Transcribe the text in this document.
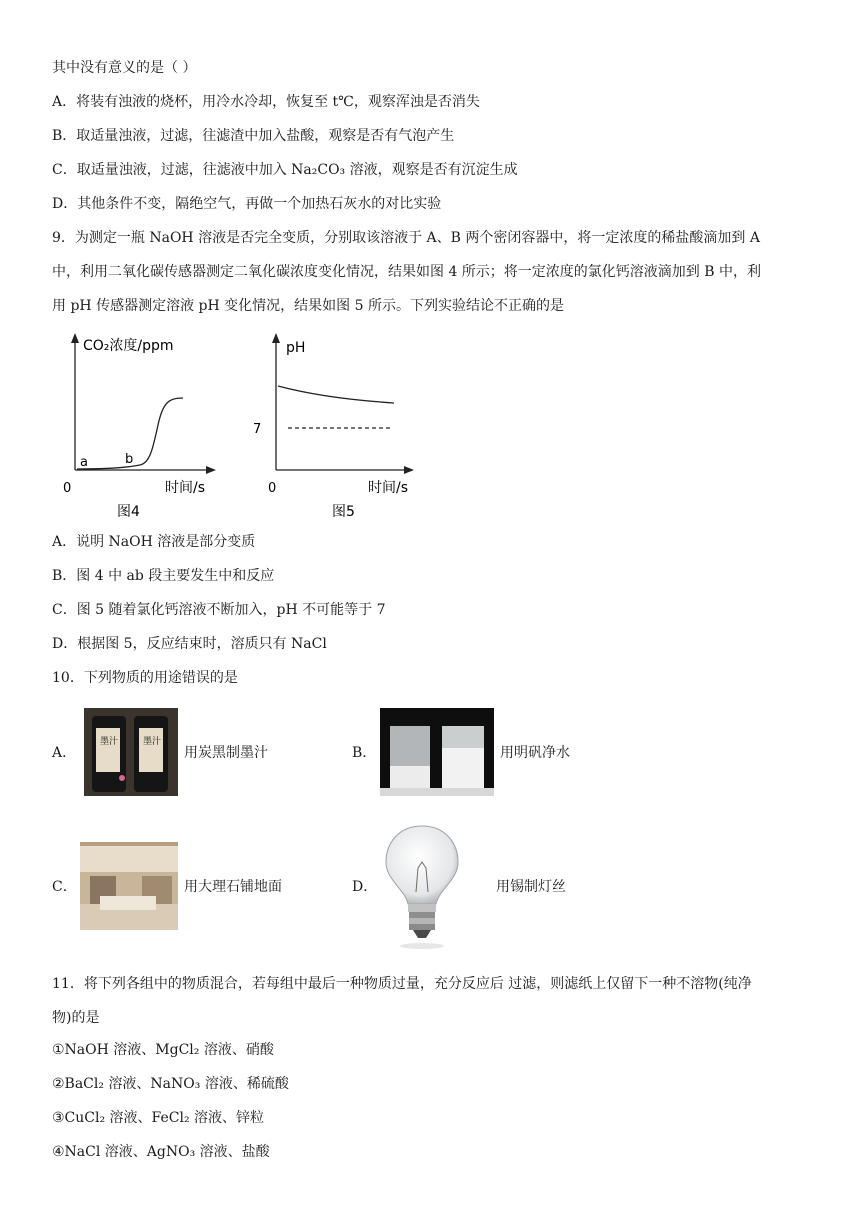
其中没有意义的是（ ）
A．将装有浊液的烧杯，用冷水冷却，恢复至 t℃，观察浑浊是否消失
B．取适量浊液，过滤，往滤渣中加入盐酸，观察是否有气泡产生
C．取适量浊液，过滤，往滤液中加入 Na₂CO₃ 溶液，观察是否有沉淀生成
D．其他条件不变，隔绝空气，再做一个加热石灰水的对比实验
9．为测定一瓶 NaOH 溶液是否完全变质，分别取该溶液于 A、B 两个密闭容器中，将一定浓度的稀盐酸滴加到 A
中，利用二氧化碳传感器测定二氧化碳浓度变化情况，结果如图 4 所示；将一定浓度的氯化钙溶液滴加到 B 中，利
用 pH 传感器测定溶液 pH 变化情况，结果如图 5 所示。下列实验结论不正确的是
CO₂浓度/ppm
a	b
0	时间/s
图4
pH
7
0	时间/s
图5
A．说明 NaOH 溶液是部分变质
B．图 4 中 ab 段主要发生中和反应
C．图 5 随着氯化钙溶液不断加入，pH 不可能等于 7
D．根据图 5，反应结束时，溶质只有 NaCl
10．下列物质的用途错误的是
A．
墨汁	墨汁
用炭黑制墨汁	B．	用明矾净水
C．	用大理石铺地面	D．	用锡制灯丝
11．将下列各组中的物质混合，若每组中最后一种物质过量，充分反应后 过滤，则滤纸上仅留下一种不溶物(纯净
物)的是
①NaOH 溶液、MgCl₂ 溶液、硝酸
②BaCl₂ 溶液、NaNO₃ 溶液、稀硫酸
③CuCl₂ 溶液、FeCl₂ 溶液、锌粒
④NaCl 溶液、AgNO₃ 溶液、盐酸
